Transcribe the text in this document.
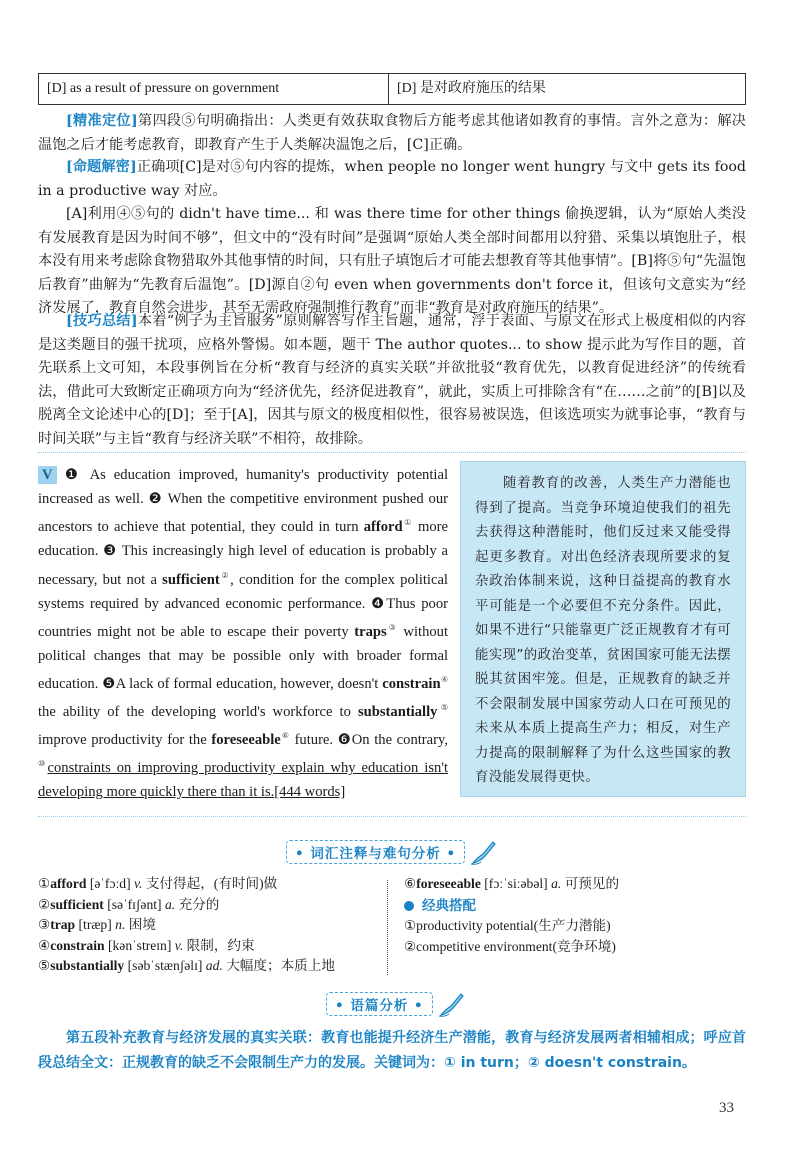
[D] as a result of pressure on government	[D] 是对政府施压的结果
[精准定位]第四段⑤句明确指出：人类更有效获取食物后方能考虑其他诸如教育的事情。言外之意为：解决温饱之后才能考虑教育，即教育产生于人类解决温饱之后，[C]正确。
[命题解密]正确项[C]是对⑤句内容的提炼，when people no longer went hungry 与文中 gets its food in a productive way 对应。
[A]利用④⑤句的 didn't have time... 和 was there time for other things 偷换逻辑，认为“原始人类没有发展教育是因为时间不够”，但文中的“没有时间”是强调“原始人类全部时间都用以狩猎、采集以填饱肚子，根本没有用来考虑除食物猎取外其他事情的时间，只有肚子填饱后才可能去想教育等其他事情”。[B]将⑤句“先温饱后教育”曲解为“先教育后温饱”。[D]源自②句 even when governments don't force it，但该句文意实为“经济发展了，教育自然会进步，甚至无需政府强制推行教育”而非“教育是对政府施压的结果”。
[技巧总结]本着“例子为主旨服务”原则解答写作主旨题，通常，浮于表面、与原文在形式上极度相似的内容是这类题目的强干扰项，应格外警惕。如本题，题干 The author quotes... to show 提示此为写作目的题，首先联系上文可知，本段事例旨在分析“教育与经济的真实关联”并欲批驳“教育优先，以教育促进经济”的传统看法，借此可大致断定正确项方向为“经济优先，经济促进教育”，就此，实质上可排除含有“在……之前”的[B]以及脱离全文论述中心的[D]；至于[A]，因其与原文的极度相似性，很容易被误选，但该选项实为就事论事，“教育与时间关联”与主旨“教育与经济关联”不相符，故排除。
V ❶ As education improved, humanity's productivity potential increased as well. ❷ When the competitive environment pushed our ancestors to achieve that potential, they could in turn afford① more education. ❸ This increasingly high level of education is probably a necessary, but not a sufficient②, condition for the complex political systems required by advanced economic performance. ❹Thus poor countries might not be able to escape their poverty traps③ without political changes that may be possible only with broader formal education. ❺A lack of formal education, however, doesn't constrain④ the ability of the developing world's workforce to substantially⑤ improve productivity for the foreseeable⑥ future. ❻On the contrary, ⑩constraints on improving productivity explain why education isn't developing more quickly there than it is.[444 words]
随着教育的改善，人类生产力潜能也得到了提高。当竞争环境迫使我们的祖先去获得这种潜能时，他们反过来又能受得起更多教育。对出色经济表现所要求的复杂政治体制来说，这种日益提高的教育水平可能是一个必要但不充分条件。因此，如果不进行“只能靠更广泛正规教育才有可能实现”的政治变革，贫困国家可能无法摆脱其贫困牢笼。但是，正规教育的缺乏并不会限制发展中国家劳动人口在可预见的未来从本质上提高生产力；相反，对生产力提高的限制解释了为什么这些国家的教育没能发展得更快。
• 词汇注释与难句分析 •
①afford [əˈfɔːd] v. 支付得起，(有时间)做
②sufficient [səˈfɪʃənt] a. 充分的
③trap [træp] n. 困境
④constrain [kənˈstreɪn] v. 限制，约束
⑤substantially [səbˈstænʃəlɪ] ad. 大幅度；本质上地
⑥foreseeable [fɔːˈsiːəbəl] a. 可预见的
经典搭配
①productivity potential(生产力潜能)
②competitive environment(竞争环境)
• 语篇分析 •
第五段补充教育与经济发展的真实关联：教育也能提升经济生产潜能，教育与经济发展两者相辅相成；呼应首段总结全文：正规教育的缺乏不会限制生产力的发展。关键词为：① in turn；② doesn't constrain。
33
